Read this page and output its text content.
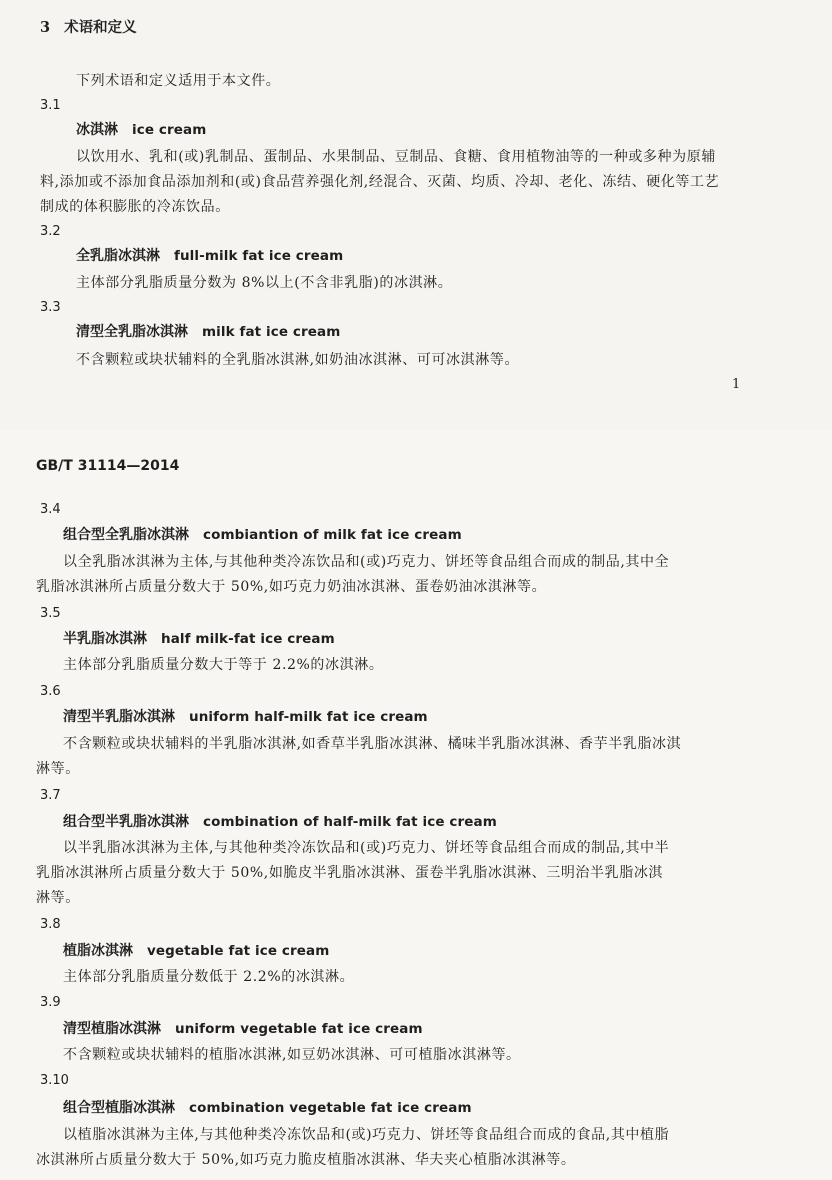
3 术语和定义
下列术语和定义适用于本文件。
3.1
冰淇淋 ice cream
以饮用水、乳和(或)乳制品、蛋制品、水果制品、豆制品、食糖、食用植物油等的一种或多种为原辅
料,添加或不添加食品添加剂和(或)食品营养强化剂,经混合、灭菌、均质、冷却、老化、冻结、硬化等工艺
制成的体积膨胀的冷冻饮品。
3.2
全乳脂冰淇淋 full-milk fat ice cream
主体部分乳脂质量分数为 8%以上(不含非乳脂)的冰淇淋。
3.3
清型全乳脂冰淇淋 milk fat ice cream
不含颗粒或块状辅料的全乳脂冰淇淋,如奶油冰淇淋、可可冰淇淋等。
1
GB/T 31114—2014
3.4
组合型全乳脂冰淇淋 combiantion of milk fat ice cream
以全乳脂冰淇淋为主体,与其他种类冷冻饮品和(或)巧克力、饼坯等食品组合而成的制品,其中全
乳脂冰淇淋所占质量分数大于 50%,如巧克力奶油冰淇淋、蛋卷奶油冰淇淋等。
3.5
半乳脂冰淇淋 half milk-fat ice cream
主体部分乳脂质量分数大于等于 2.2%的冰淇淋。
3.6
清型半乳脂冰淇淋 uniform half-milk fat ice cream
不含颗粒或块状辅料的半乳脂冰淇淋,如香草半乳脂冰淇淋、橘味半乳脂冰淇淋、香芋半乳脂冰淇
淋等。
3.7
组合型半乳脂冰淇淋 combination of half-milk fat ice cream
以半乳脂冰淇淋为主体,与其他种类冷冻饮品和(或)巧克力、饼坯等食品组合而成的制品,其中半
乳脂冰淇淋所占质量分数大于 50%,如脆皮半乳脂冰淇淋、蛋卷半乳脂冰淇淋、三明治半乳脂冰淇
淋等。
3.8
植脂冰淇淋 vegetable fat ice cream
主体部分乳脂质量分数低于 2.2%的冰淇淋。
3.9
清型植脂冰淇淋 uniform vegetable fat ice cream
不含颗粒或块状辅料的植脂冰淇淋,如豆奶冰淇淋、可可植脂冰淇淋等。
3.10
组合型植脂冰淇淋 combination vegetable fat ice cream
以植脂冰淇淋为主体,与其他种类冷冻饮品和(或)巧克力、饼坯等食品组合而成的食品,其中植脂
冰淇淋所占质量分数大于 50%,如巧克力脆皮植脂冰淇淋、华夫夹心植脂冰淇淋等。
